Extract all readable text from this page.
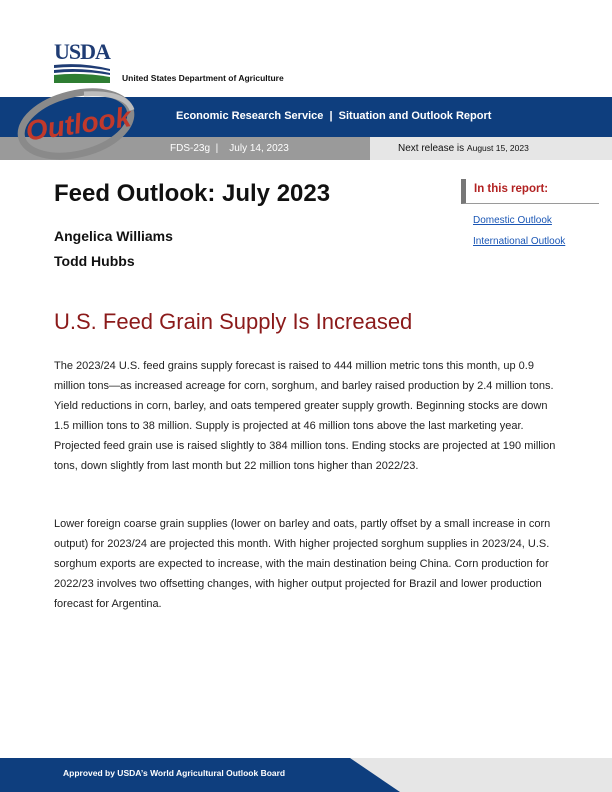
USDA
United States Department of Agriculture
Outlook	Economic Research Service  |  Situation and Outlook Report
FDS-23g  |    July 14, 2023	Next release is August 15, 2023
Feed Outlook: July 2023
Angelica Williams
Todd Hubbs
In this report:
Domestic Outlook
International Outlook
U.S. Feed Grain Supply Is Increased

The 2023/24 U.S. feed grains supply forecast is raised to 444 million metric tons this month, up 0.9 million tons—as increased acreage for corn, sorghum, and barley raised production by 2.4 million tons. Yield reductions in corn, barley, and oats tempered greater supply growth. Beginning stocks are down 1.5 million tons to 38 million. Supply is projected at 46 million tons above the last marketing year. Projected feed grain use is raised slightly to 384 million tons. Ending stocks are projected at 190 million tons, down slightly from last month but 22 million tons higher than 2022/23.

Lower foreign coarse grain supplies (lower on barley and oats, partly offset by a small increase in corn output) for 2023/24 are projected this month. With higher projected sorghum supplies in 2023/24, U.S. sorghum exports are expected to increase, with the main destination being China. Corn production for 2022/23 involves two offsetting changes, with higher output projected for Brazil and lower production forecast for Argentina.

Approved by USDA’s World Agricultural Outlook Board
